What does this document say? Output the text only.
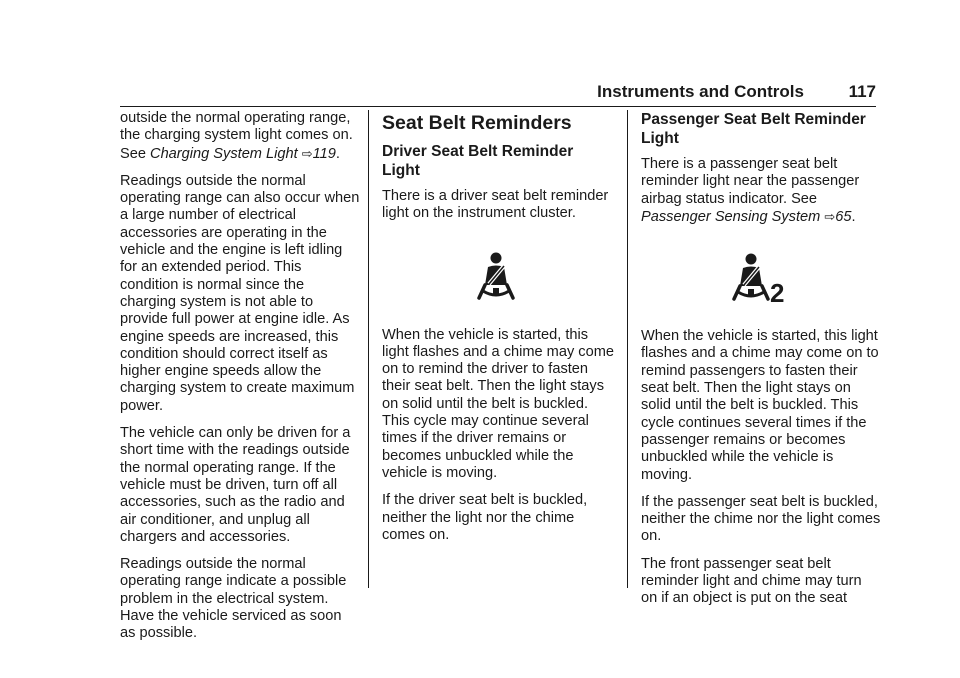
Instruments and Controls	117

outside the normal operating range, the charging system light comes on. See Charging System Light ⇨119.

Readings outside the normal operating range can also occur when a large number of electrical accessories are operating in the vehicle and the engine is left idling for an extended period. This condition is normal since the charging system is not able to provide full power at engine idle. As engine speeds are increased, this condition should correct itself as higher engine speeds allow the charging system to create maximum power.

The vehicle can only be driven for a short time with the readings outside the normal operating range. If the vehicle must be driven, turn off all accessories, such as the radio and air conditioner, and unplug all chargers and accessories.

Readings outside the normal operating range indicate a possible problem in the electrical system. Have the vehicle serviced as soon as possible.

Seat Belt Reminders
Driver Seat Belt Reminder Light

There is a driver seat belt reminder light on the instrument cluster.

When the vehicle is started, this light flashes and a chime may come on to remind the driver to fasten their seat belt. Then the light stays on solid until the belt is buckled. This cycle may continue several times if the driver remains or becomes unbuckled while the vehicle is moving.

If the driver seat belt is buckled, neither the light nor the chime comes on.

Passenger Seat Belt Reminder Light

There is a passenger seat belt reminder light near the passenger airbag status indicator. See Passenger Sensing System ⇨65.

2

When the vehicle is started, this light flashes and a chime may come on to remind passengers to fasten their seat belt. Then the light stays on solid until the belt is buckled. This cycle continues several times if the passenger remains or becomes unbuckled while the vehicle is moving.

If the passenger seat belt is buckled, neither the chime nor the light comes on.

The front passenger seat belt reminder light and chime may turn on if an object is put on the seat
